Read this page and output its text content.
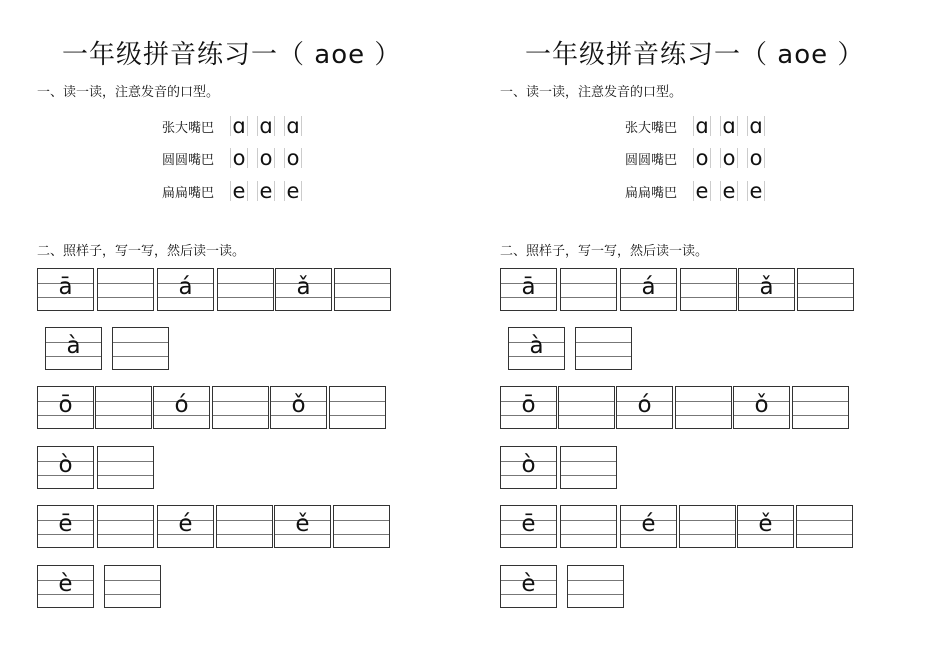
一年级拼音练习一（ aoe ）
一、读一读，注意发音的口型。
张大嘴巴 ɑ ɑ ɑ
圆圆嘴巴 o o o
扁扁嘴巴 e e e
二、照样子，写一写，然后读一读。
ā	á	ǎ
à
ō	ó	ǒ
ò
ē	é	ě
è
一年级拼音练习一（ aoe ）
一、读一读，注意发音的口型。
张大嘴巴 ɑ ɑ ɑ
圆圆嘴巴 o o o
扁扁嘴巴 e e e
二、照样子，写一写，然后读一读。
ā	á	ǎ
à
ō	ó	ǒ
ò
ē	é	ě
è
